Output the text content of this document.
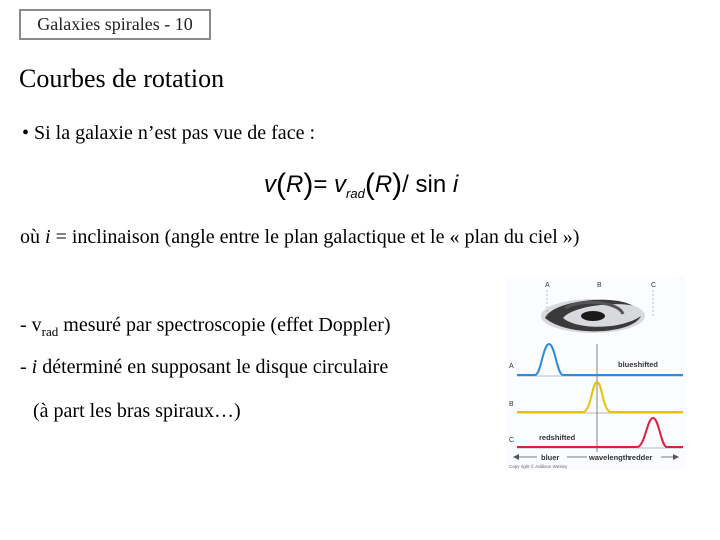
Galaxies spirales - 10
Courbes de rotation
• Si la galaxie n’est pas vue de face :
$v(R)= v_{rad}(R)/$ sin i
où i = inclinaison (angle entre le plan galactique et le « plan du ciel »)
- $v_{rad}$ mesuré par spectroscopie (effet Doppler)
- i déterminé en supposant le disque circulaire
(à part les bras spiraux…)
A	B	C
A	blueshifted
B
C	redshifted
bluer	wavelength redder
Copy right © Addison Wesley
